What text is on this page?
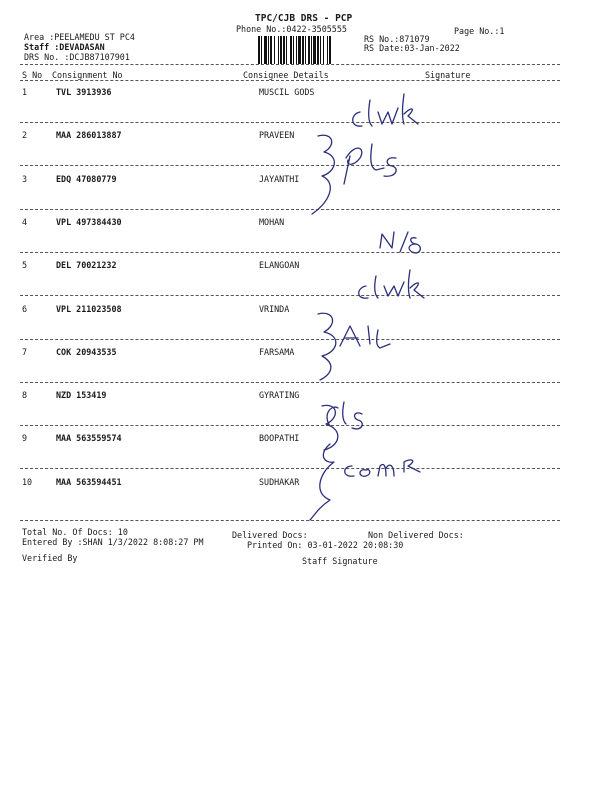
TPC/CJB DRS - PCP
Phone No.:0422-3505555	Page No.:1
Area :PEELAMEDU ST PC4
Staff :DEVADASAN
DRS No. :DCJB87107901
RS No.:871079
RS Date:03-Jan-2022
S No Consignment No	Consignee Details	Signature
1	TVL 3913936	MUSCIL GODS
2	MAA 286013887	PRAVEEN
3	EDQ 47080779	JAYANTHI
4	VPL 497384430	MOHAN
5	DEL 70021232	ELANGOAN
6	VPL 211023508	VRINDA
7	COK 20943535	FARSAMA
8	NZD 153419	GYRATING
9	MAA 563559574	BOOPATHI
10	MAA 563594451	SUDHAKAR
Total No. Of Docs: 10
Entered By :SHAN 1/3/2022 8:08:27 PM
Delivered Docs:
Printed On: 03-01-2022 20:08:30
Non Delivered Docs:
Verified By	Staff Signature
